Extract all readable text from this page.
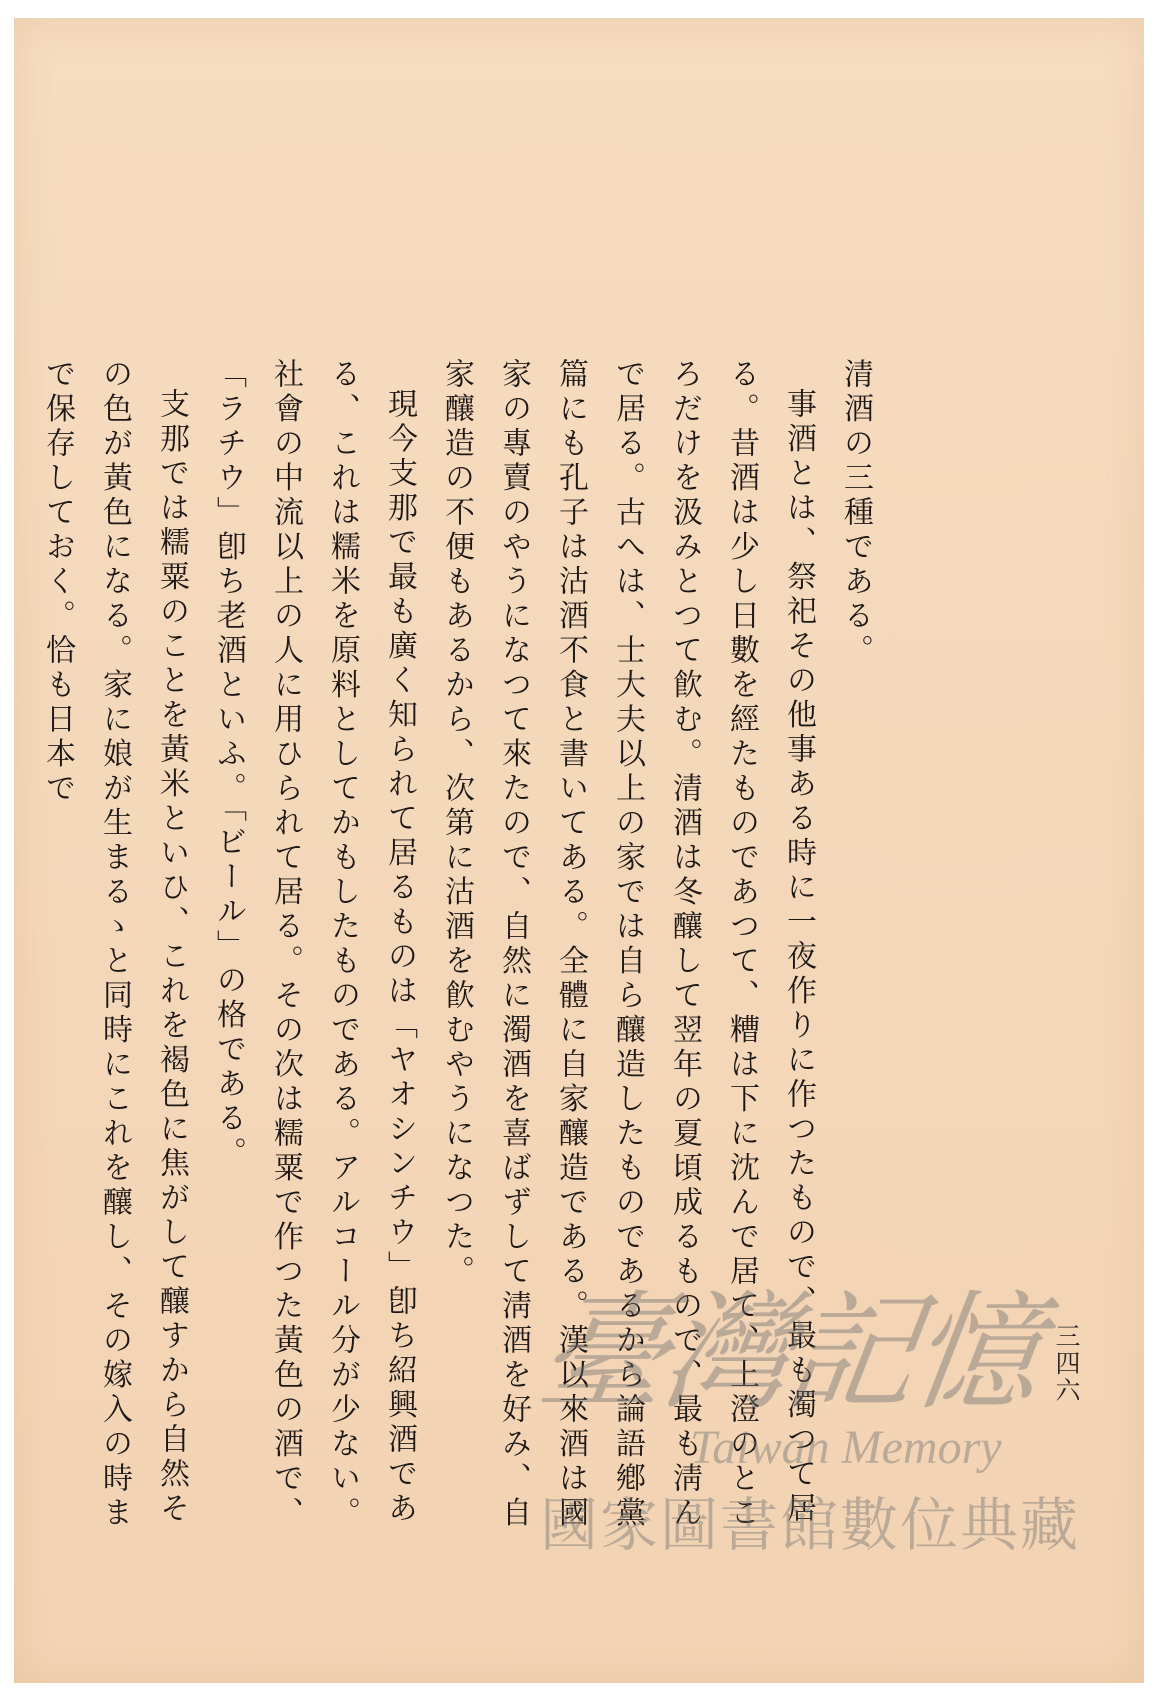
三四六

清酒の三種である。

事酒とは、祭祀その他事ある時に一夜作りに作つたもので、最も濁つて居る。昔酒は少し日數を經たものであつて、糟は下に沈んで居て、上澄のところだけを汲みとつて飮む。清酒は冬釀して翌年の夏頃成るもので、最も淸んで居る。古へは、士大夫以上の家では自ら釀造したものであるから論語鄕黨篇にも孔子は沽酒不食と書いてある。全體に自家釀造である。漢以來酒は國家の專賣のやうになつて來たので、自然に濁酒を喜ばずして淸酒を好み、自家釀造の不便もあるから、次第に沽酒を飮むやうになつた。

現今支那で最も廣く知られて居るものは「ヤオシンチウ」卽ち紹興酒である、これは糯米を原料としてかもしたものである。アルコール分が少ない。社會の中流以上の人に用ひられて居る。その次は糯粟で作つた黃色の酒で、「ラチウ」卽ち老酒といふ。「ビール」の格である。

支那では糯粟のことを黃米といひ、これを褐色に焦がして釀すから自然その色が黃色になる。家に娘が生まるゝと同時にこれを釀し、その嫁入の時まで保存しておく。恰も日本で

臺灣記憶
Taiwan Memory
國家圖書館數位典藏
